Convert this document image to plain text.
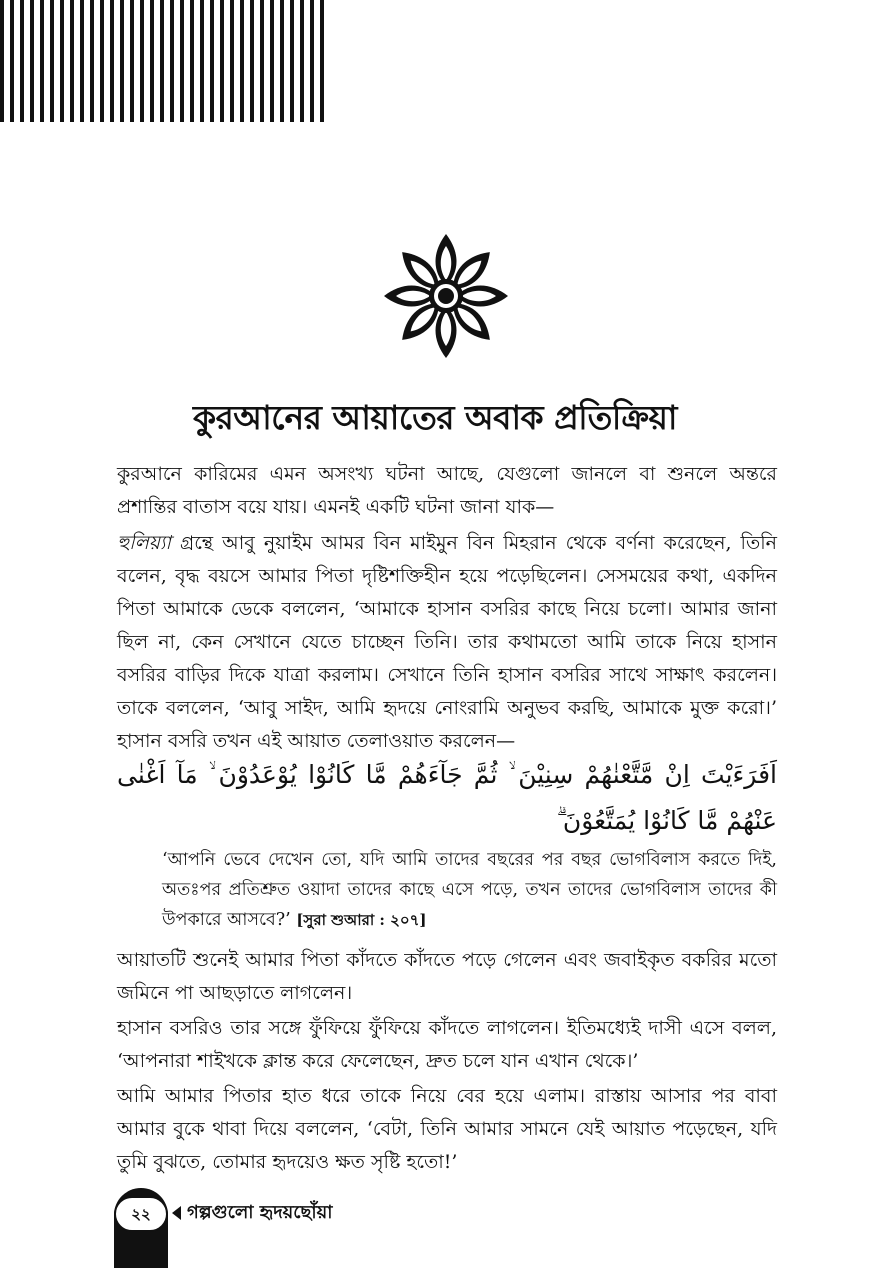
কুরআনের আয়াতের অবাক প্রতিক্রিয়া

কুরআনে কারিমের এমন অসংখ্য ঘটনা আছে, যেগুলো জানলে বা শুনলে অন্তরে প্রশান্তির বাতাস বয়ে যায়। এমনই একটি ঘটনা জানা যাক—

হুলিয়্যা গ্রন্থে আবু নুয়াইম আমর বিন মাইমুন বিন মিহরান থেকে বর্ণনা করেছেন, তিনি বলেন, বৃদ্ধ বয়সে আমার পিতা দৃষ্টিশক্তিহীন হয়ে পড়েছিলেন। সেসময়ের কথা, একদিন পিতা আমাকে ডেকে বললেন, ‘আমাকে হাসান বসরির কাছে নিয়ে চলো। আমার জানা ছিল না, কেন সেখানে যেতে চাচ্ছেন তিনি। তার কথামতো আমি তাকে নিয়ে হাসান বসরির বাড়ির দিকে যাত্রা করলাম। সেখানে তিনি হাসান বসরির সাথে সাক্ষাৎ করলেন। তাকে বললেন, ‘আবু সাইদ, আমি হৃদয়ে নোংরামি অনুভব করছি, আমাকে মুক্ত করো।’ হাসান বসরি তখন এই আয়াত তেলাওয়াত করলেন—

اَفَرَءَيْتَ اِنْ مَّتَّعْنٰهُمْ سِنِيْنَ ۙ ثُمَّ جَآءَهُمْ مَّا كَانُوْا يُوْعَدُوْنَ ۙ مَآ اَغْنٰى عَنْهُمْ مَّا كَانُوْا يُمَتَّعُوْنَ ۗ

‘আপনি ভেবে দেখেন তো, যদি আমি তাদের বছরের পর বছর ভোগবিলাস করতে দিই, অতঃপর প্রতিশ্রুত ওয়াদা তাদের কাছে এসে পড়ে, তখন তাদের ভোগবিলাস তাদের কী উপকারে আসবে?’ [সুরা শুআরা : ২০৭]

আয়াতটি শুনেই আমার পিতা কাঁদতে কাঁদতে পড়ে গেলেন এবং জবাইকৃত বকরির মতো জমিনে পা আছড়াতে লাগলেন।

হাসান বসরিও তার সঙ্গে ফুঁফিয়ে ফুঁফিয়ে কাঁদতে লাগলেন। ইতিমধ্যেই দাসী এসে বলল, ‘আপনারা শাইখকে ক্লান্ত করে ফেলেছেন, দ্রুত চলে যান এখান থেকে।’

আমি আমার পিতার হাত ধরে তাকে নিয়ে বের হয়ে এলাম। রাস্তায় আসার পর বাবা আমার বুকে থাবা দিয়ে বললেন, ‘বেটা, তিনি আমার সামনে যেই আয়াত পড়েছেন, যদি তুমি বুঝতে, তোমার হৃদয়েও ক্ষত সৃষ্টি হতো!’

২২	গল্পগুলো হৃদয়ছোঁয়া
